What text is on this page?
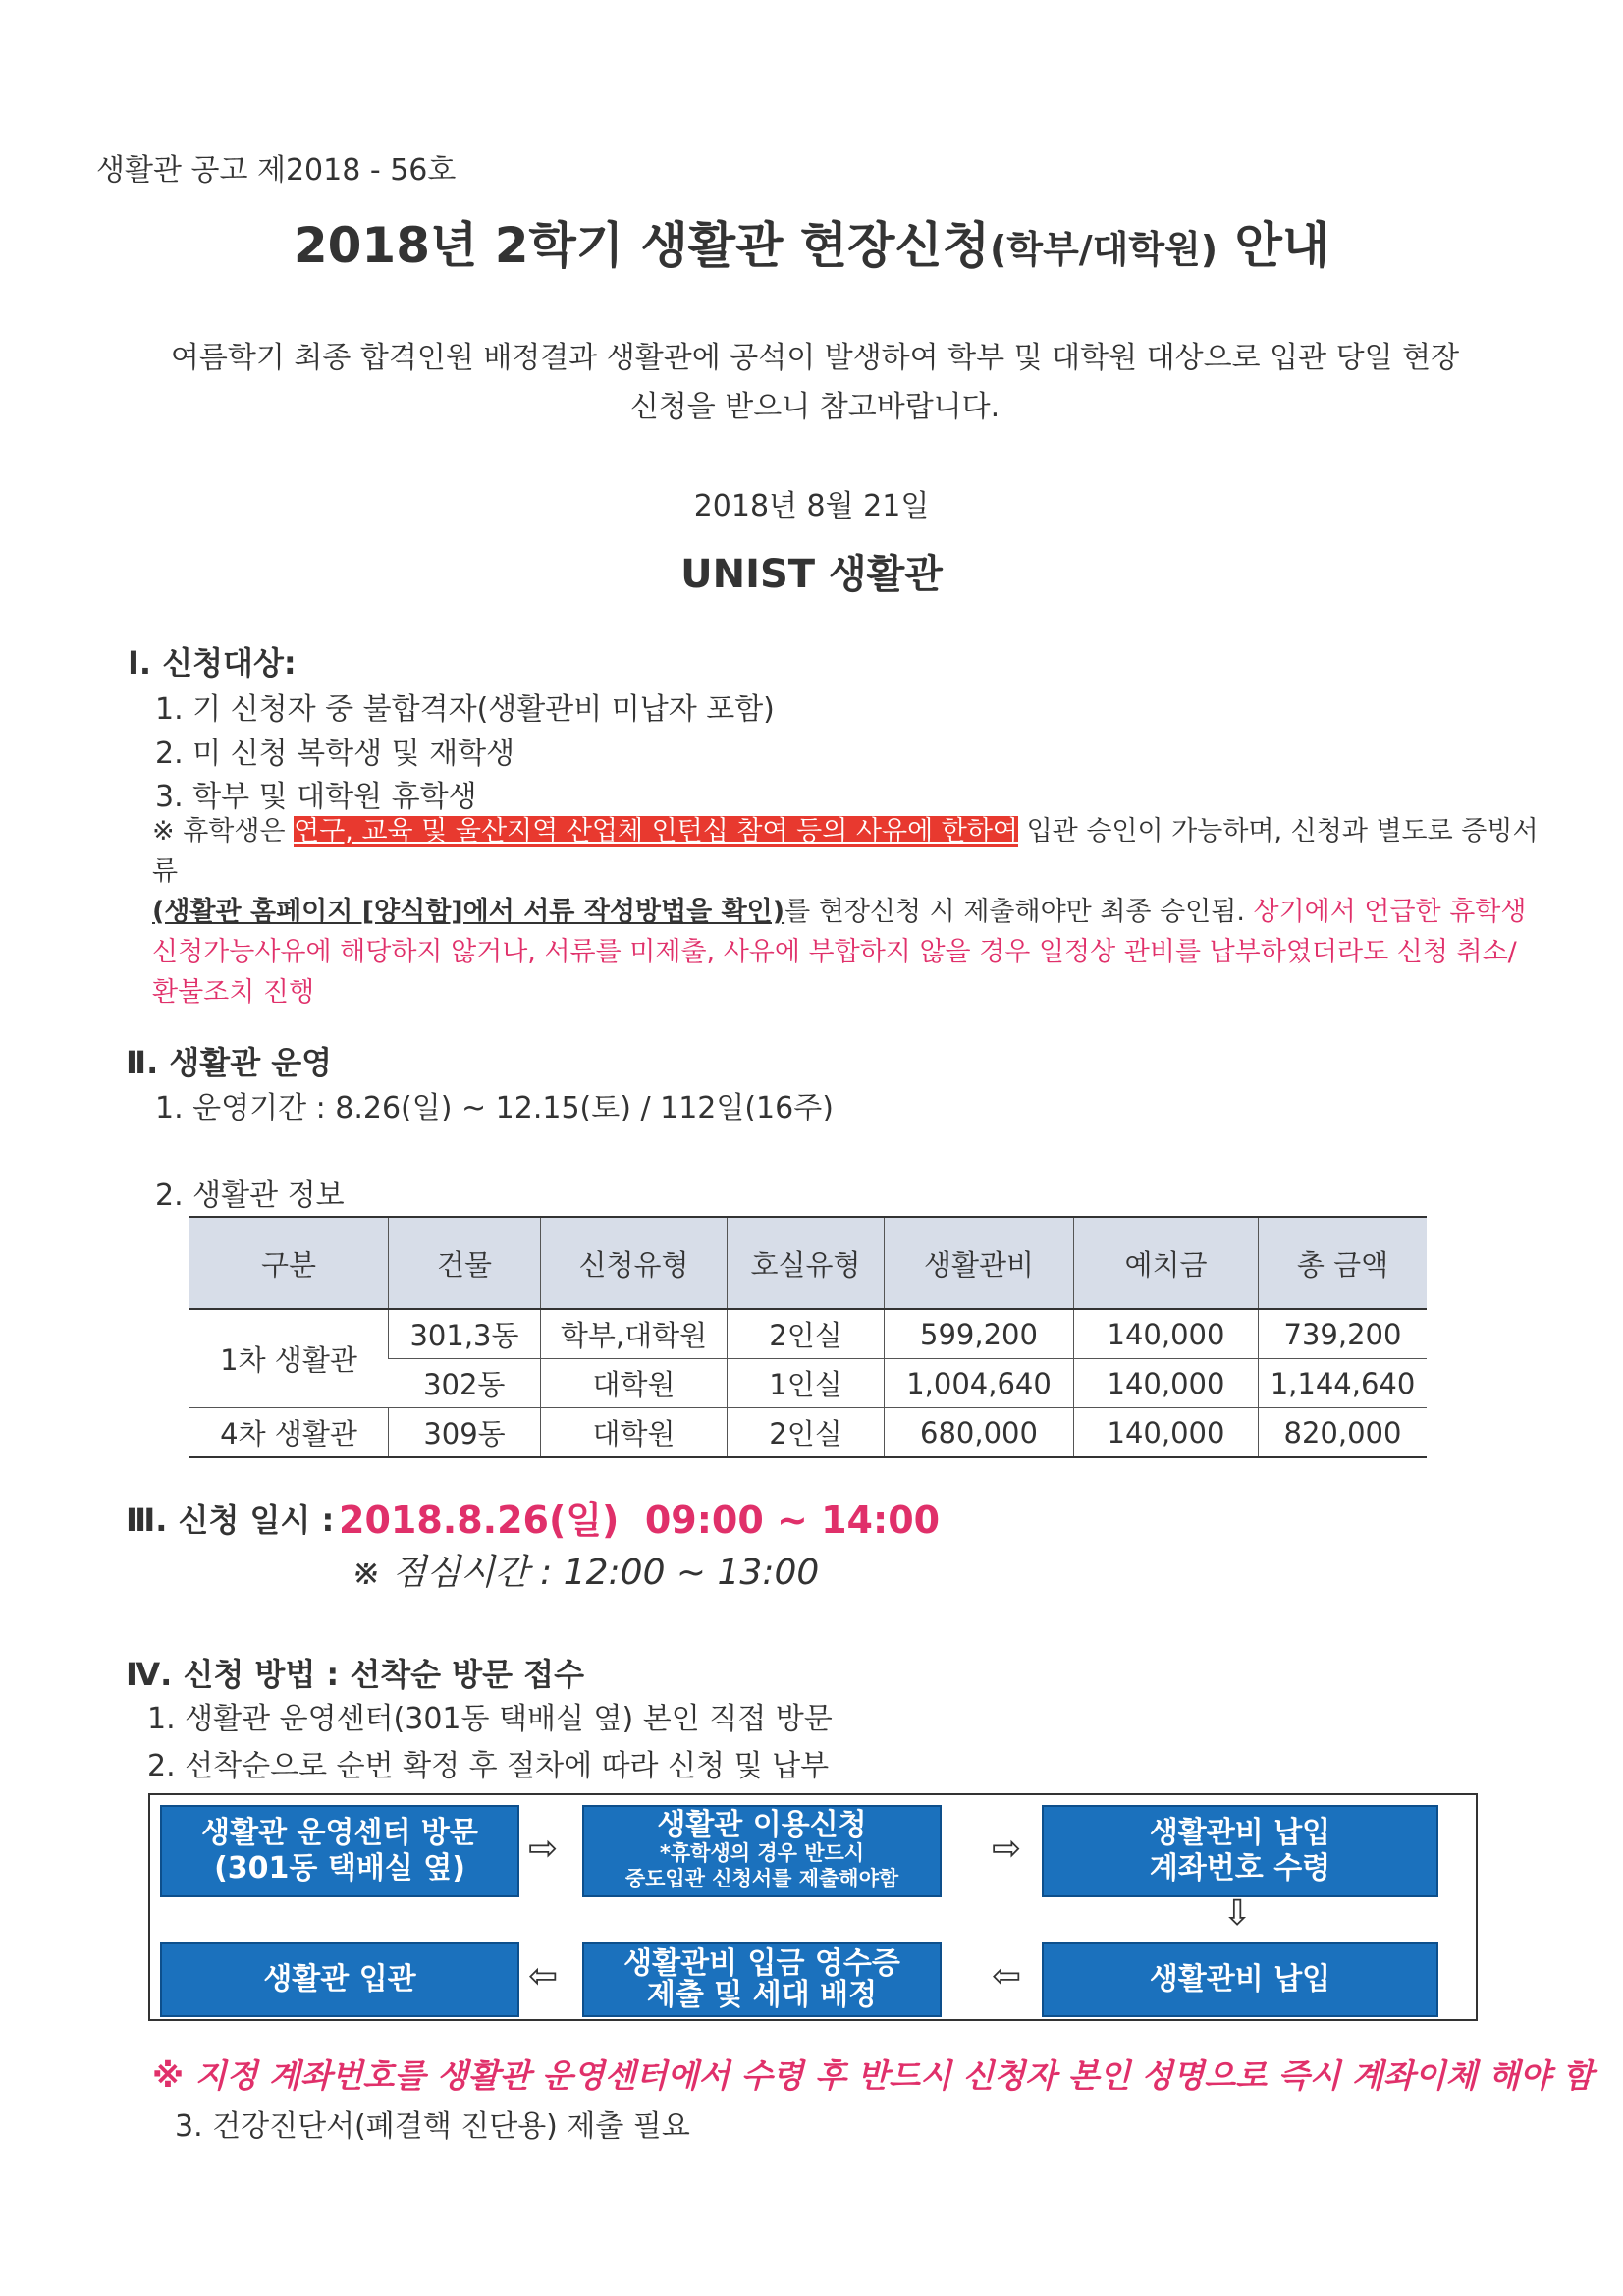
생활관 공고 제2018 - 56호
2018년 2학기 생활관 현장신청(학부/대학원) 안내
여름학기 최종 합격인원 배정결과 생활관에 공석이 발생하여 학부 및 대학원 대상으로 입관 당일 현장
신청을 받으니 참고바랍니다.
2018년 8월 21일
UNIST 생활관
Ⅰ. 신청대상:
1. 기 신청자 중 불합격자(생활관비 미납자 포함)
2. 미 신청 복학생 및 재학생
3. 학부 및 대학원 휴학생
※ 휴학생은 연구, 교육 및 울산지역 산업체 인턴십 참여 등의 사유에 한하여 입관 승인이 가능하며, 신청과 별도로 증빙서류
(생활관 홈페이지 [양식함]에서 서류 작성방법을 확인)를 현장신청 시 제출해야만 최종 승인됨. 상기에서 언급한 휴학생
신청가능사유에 해당하지 않거나, 서류를 미제출, 사유에 부합하지 않을 경우 일정상 관비를 납부하였더라도 신청 취소/
환불조치 진행
Ⅱ. 생활관 운영
1. 운영기간 : 8.26(일) ~ 12.15(토) / 112일(16주)
2. 생활관 정보
구분	건물	신청유형	호실유형	생활관비	예치금	총 금액
1차 생활관	301,3동	학부,대학원	2인실	599,200	140,000	739,200
	302동	대학원	1인실	1,004,640	140,000	1,144,640
4차 생활관	309동	대학원	2인실	680,000	140,000	820,000
Ⅲ. 신청 일시 : 2018.8.26(일)  09:00 ~ 14:00
※ 점심시간 : 12:00 ~ 13:00
Ⅳ. 신청 방법 : 선착순 방문 접수
1. 생활관 운영센터(301동 택배실 옆) 본인 직접 방문
2. 선착순으로 순번 확정 후 절차에 따라 신청 및 납부
생활관 운영센터 방문
(301동 택배실 옆) ⇨
생활관 이용신청
*휴학생의 경우 반드시
중도입관 신청서를 제출해야함
⇨	생활관비 납입
계좌번호 수령
⇩
생활관비 납입
⇦
생활관비 입금 영수증
제출 및 세대 배정
⇦
생활관 입관
※ 지정 계좌번호를 생활관 운영센터에서 수령 후 반드시 신청자 본인 성명으로 즉시 계좌이체 해야 함
3. 건강진단서(폐결핵 진단용) 제출 필요
